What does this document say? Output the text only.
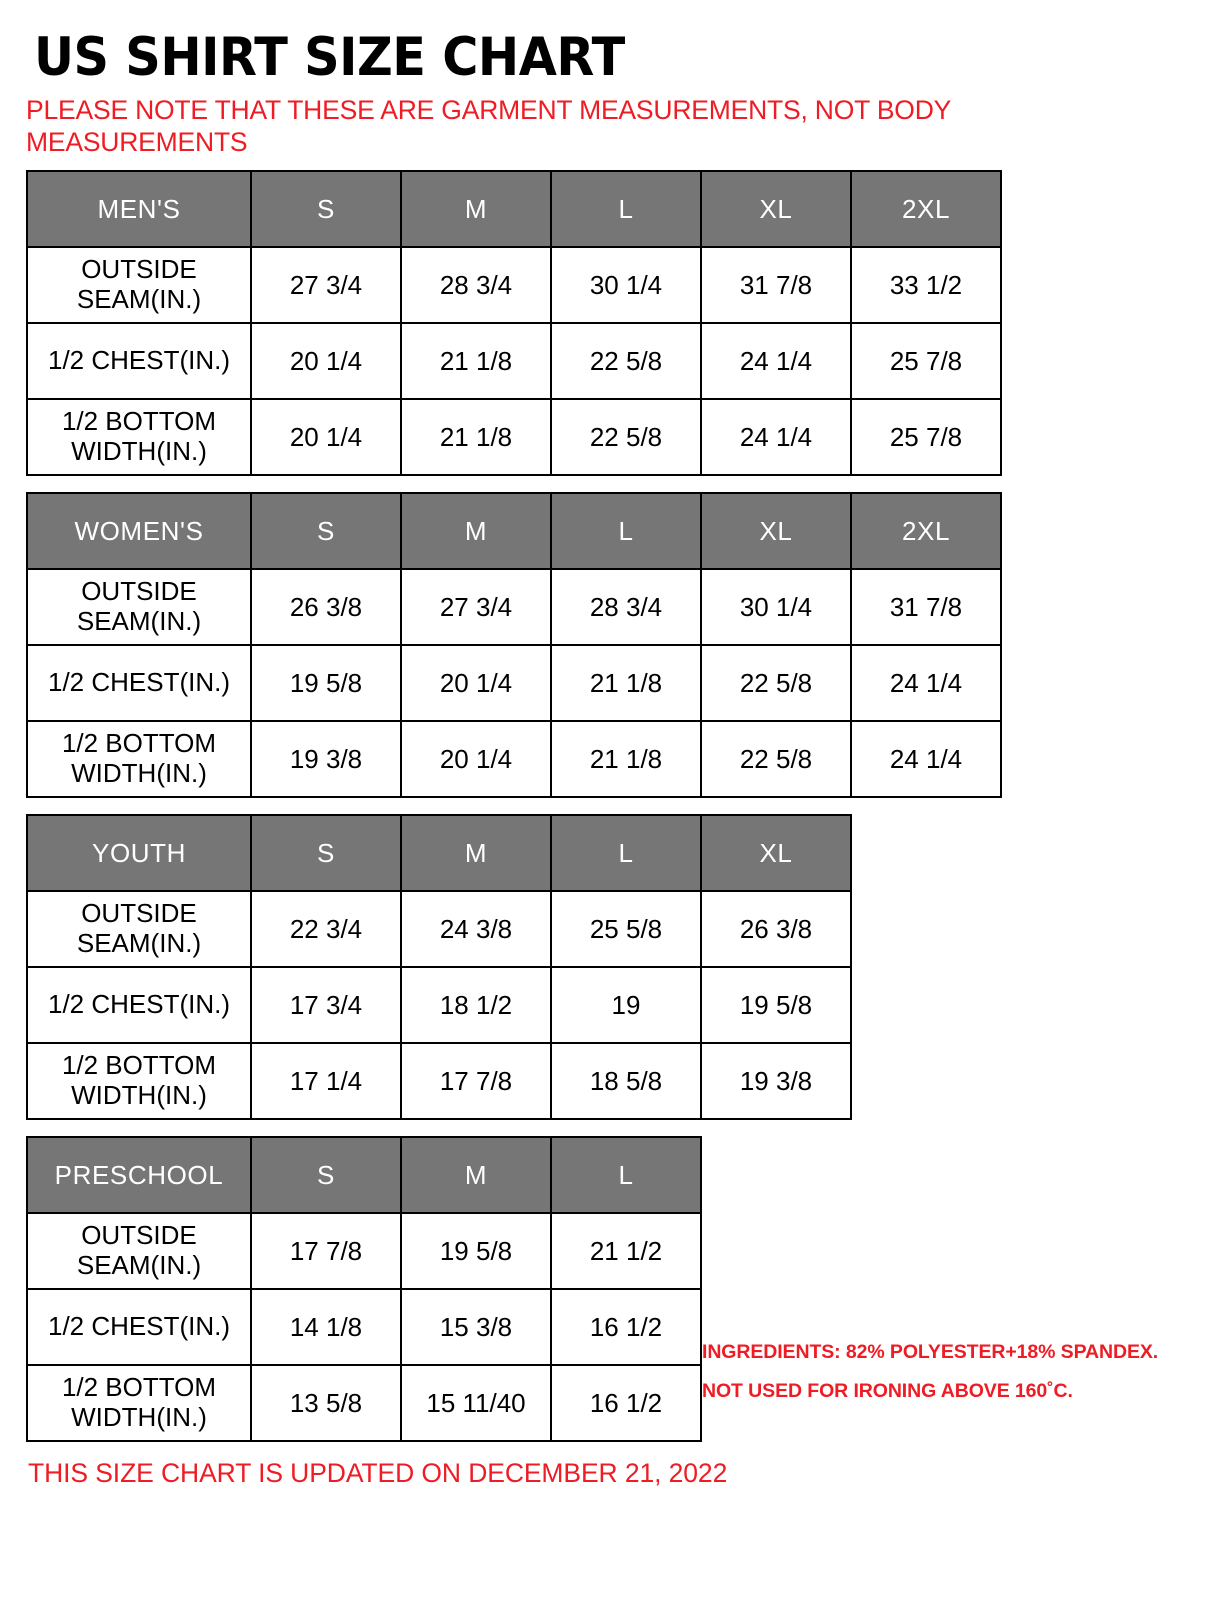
US SHIRT SIZE CHART
PLEASE NOTE THAT THESE ARE GARMENT MEASUREMENTS, NOT BODY MEASUREMENTS
MEN'S	S	M	L	XL	2XL
OUTSIDE SEAM(IN.)	27 3/4	28 3/4	30 1/4	31 7/8	33 1/2
1/2 CHEST(IN.)	20 1/4	21 1/8	22 5/8	24 1/4	25 7/8
1/2 BOTTOM WIDTH(IN.)	20 1/4	21 1/8	22 5/8	24 1/4	25 7/8
WOMEN'S	S	M	L	XL	2XL
OUTSIDE SEAM(IN.)	26 3/8	27 3/4	28 3/4	30 1/4	31 7/8
1/2 CHEST(IN.)	19 5/8	20 1/4	21 1/8	22 5/8	24 1/4
1/2 BOTTOM WIDTH(IN.)	19 3/8	20 1/4	21 1/8	22 5/8	24 1/4
YOUTH	S	M	L	XL
OUTSIDE SEAM(IN.)	22 3/4	24 3/8	25 5/8	26 3/8
1/2 CHEST(IN.)	17 3/4	18 1/2	19	19 5/8
1/2 BOTTOM WIDTH(IN.)	17 1/4	17 7/8	18 5/8	19 3/8
PRESCHOOL	S	M	L
OUTSIDE SEAM(IN.)	17 7/8	19 5/8	21 1/2
1/2 CHEST(IN.)	14 1/8	15 3/8	16 1/2
1/2 BOTTOM WIDTH(IN.)	13 5/8	15 11/40	16 1/2
THIS SIZE CHART IS UPDATED ON DECEMBER 21, 2022
INGREDIENTS: 82% POLYESTER+18% SPANDEX.
NOT USED FOR IRONING ABOVE 160˚C.
